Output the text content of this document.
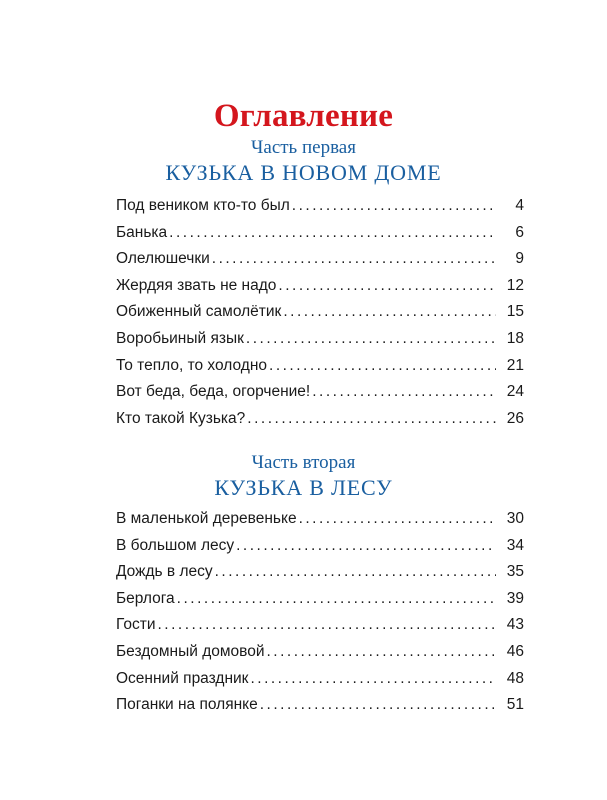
Оглавление
Часть первая
КУЗЬКА В НОВОМ ДОМЕ
Под веником кто-то был .....	4
Банька .....	6
Олелюшечки .....	9
Жердяя звать не надо .....	12
Обиженный самолётик .....	15
Воробьиный язык .....	18
То тепло, то холодно .....	21
Вот беда, беда, огорчение! .....	24
Кто такой Кузька? .....	26
Часть вторая
КУЗЬКА В ЛЕСУ
В маленькой деревеньке .....	30
В большом лесу .....	34
Дождь в лесу .....	35
Берлога .....	39
Гости .....	43
Бездомный домовой .....	46
Осенний праздник .....	48
Поганки на полянке .....	51
